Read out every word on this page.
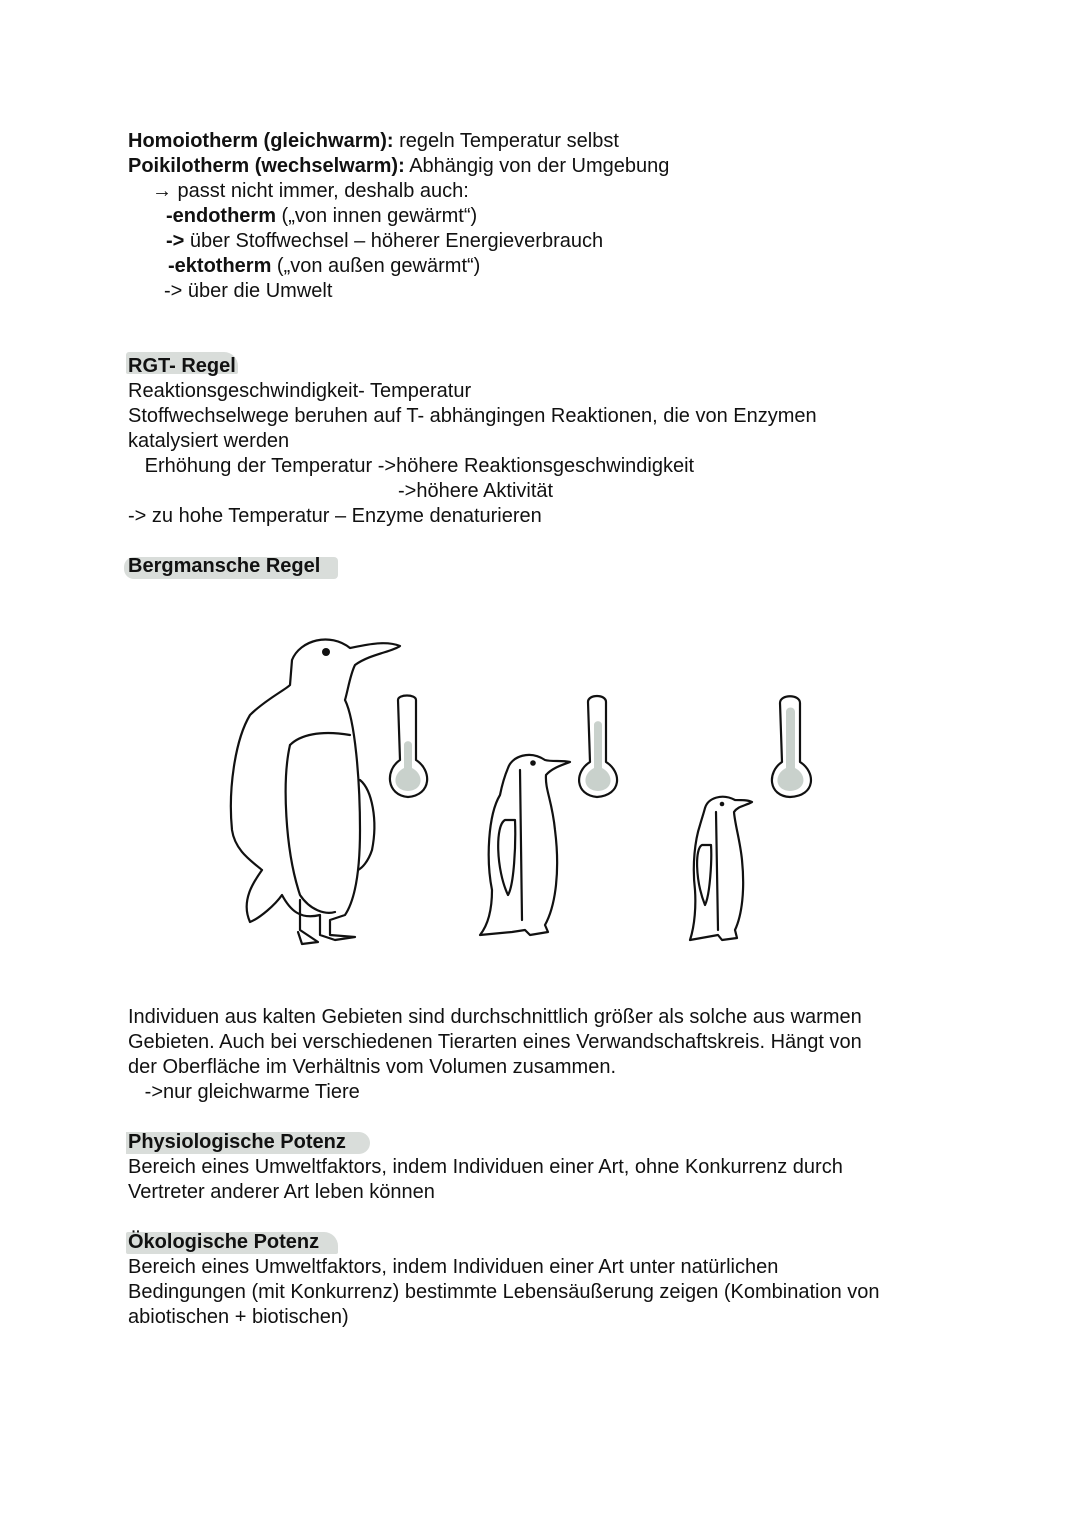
Homoiotherm (gleichwarm): regeln Temperatur selbst
Poikilotherm (wechselwarm): Abhängig von der Umgebung
→ passt nicht immer, deshalb auch:
-endotherm („von innen gewärmt“)
-> über Stoffwechsel – höherer Energieverbrauch
-ektotherm („von außen gewärmt“)
-> über die Umwelt
RGT- Regel
Reaktionsgeschwindigkeit- Temperatur
Stoffwechselwege beruhen auf T- abhängingen Reaktionen, die von Enzymen
katalysiert werden
Erhöhung der Temperatur ->höhere Reaktionsgeschwindigkeit
->höhere Aktivität
-> zu hohe Temperatur – Enzyme denaturieren
Bergmansche Regel
Individuen aus kalten Gebieten sind durchschnittlich größer als solche aus warmen
Gebieten. Auch bei verschiedenen Tierarten eines Verwandschaftskreis. Hängt von
der Oberfläche im Verhältnis vom Volumen zusammen.
->nur gleichwarme Tiere
Physiologische Potenz
Bereich eines Umweltfaktors, indem Individuen einer Art, ohne Konkurrenz durch
Vertreter anderer Art leben können
Ökologische Potenz
Bereich eines Umweltfaktors, indem Individuen einer Art unter natürlichen
Bedingungen (mit Konkurrenz) bestimmte Lebensäußerung zeigen (Kombination von
abiotischen + biotischen)
